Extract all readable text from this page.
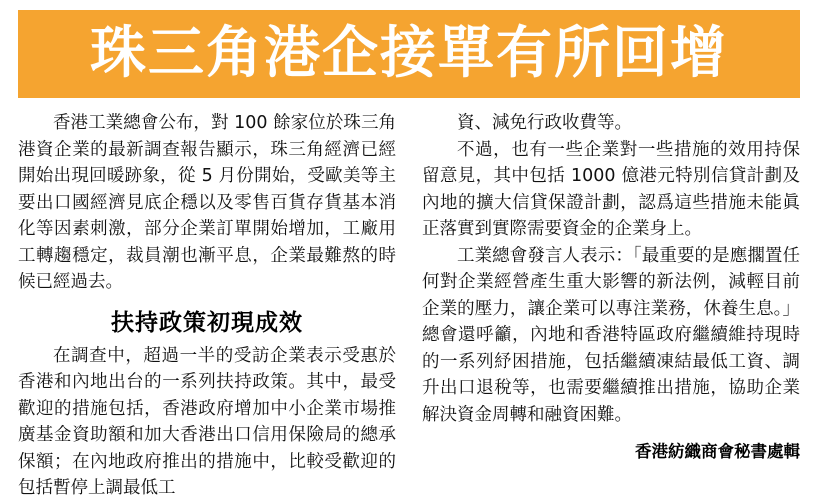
珠三角港企接單有所回增

香港工業總會公布，對 100 餘家位於珠三角港資企業的最新調查報告顯示，珠三角經濟已經開始出現回暖跡象，從 5 月份開始，受歐美等主要出口國經濟見底企穩以及零售百貨存貨基本消化等因素刺激，部分企業訂單開始增加，工廠用工轉趨穩定，裁員潮也漸平息，企業最難熬的時候已經過去。

扶持政策初現成效

在調查中，超過一半的受訪企業表示受惠於香港和內地出台的一系列扶持政策。其中，最受歡迎的措施包括，香港政府增加中小企業市場推廣基金資助額和加大香港出口信用保險局的總承保額；在內地政府推出的措施中，比較受歡迎的包括暫停上調最低工

資、減免行政收費等。

不過，也有一些企業對一些措施的效用持保留意見，其中包括 1000 億港元特別信貸計劃及內地的擴大信貸保證計劃，認爲這些措施未能眞正落實到實際需要資金的企業身上。

工業總會發言人表示：「最重要的是應擱置任何對企業經營產生重大影響的新法例，減輕目前企業的壓力，讓企業可以專注業務，休養生息。」總會還呼籲，內地和香港特區政府繼續維持現時的一系列紓困措施，包括繼續凍結最低工資、調升出口退稅等，也需要繼續推出措施，協助企業解決資金周轉和融資困難。

香港紡織商會秘書處輯
